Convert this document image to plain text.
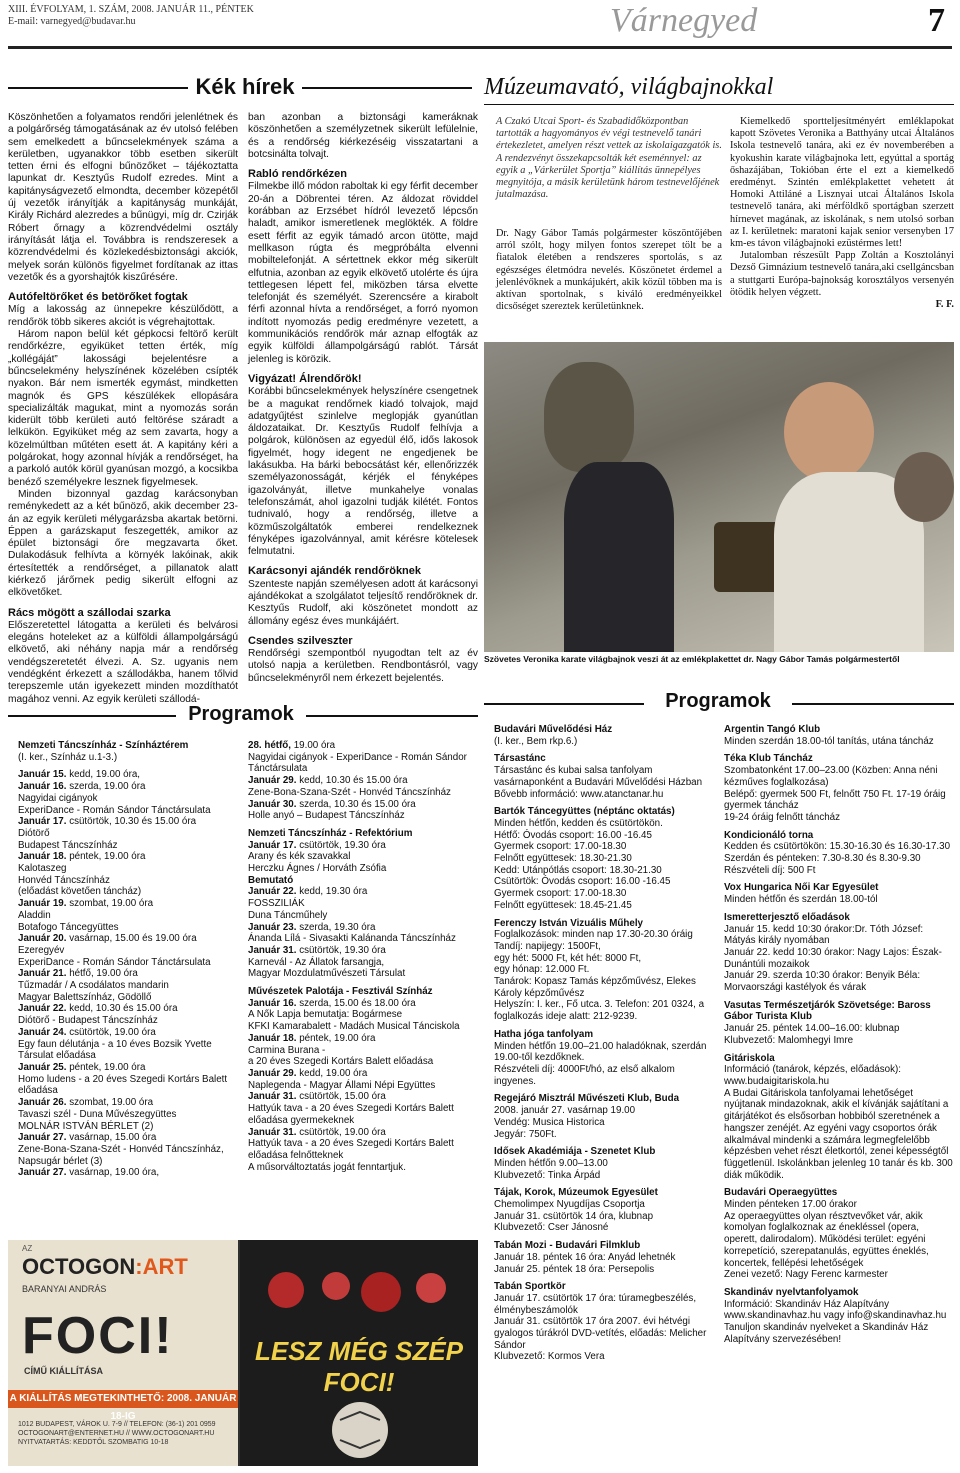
XIII. ÉVFOLYAM, 1. SZÁM, 2008. JANUÁR 11., PÉNTEK
E-mail: varnegyed@budavar.hu	Várnegyed	7
Kék hírek

Köszönhetően a folyamatos rendőri jelenlétnek és a polgárőrség támogatásának az év utolsó felében sem emelkedett a bűncselekmények száma a kerületben, ugyanakkor több esetben sikerült tetten érni és elfogni bűnözőket – tájékoztatta lapunkat dr. Kesztyűs Rudolf ezredes. Mint a kapitányságvezető elmondta, december közepétől új vezetők irányítják a kapitányság munkáját, Király Richárd alezredes a bűnügyi, míg dr. Czirják Róbert őrnagy a közrendvédelmi osztály irányítását látja el. Továbbra is rendszeresek a közrendvédelmi és közlekedésbiztonsági akciók, melyek során különös figyelmet fordítanak az ittas vezetők és a gyorshajtók kiszűrésére.

Autófeltörőket és betörőket fogtak

Míg a lakosság az ünnepekre készülődött, a rendőrök több sikeres akciót is végrehajtottak.

Három napon belül két gépkocsi feltörő került rendőrkézre, egyiküket tetten érték, míg „kollégáját” lakossági bejelentésre a bűncselekmény helyszínének közelében csípték nyakon. Bár nem ismerték egymást, mindketten magnók és GPS készülékek ellopására specializálták magukat, mint a nyomozás során kiderült több kerületi autó feltörése száradt a lelkükön. Egyiküket még az sem zavarta, hogy a közelmúltban műtéten esett át. A kapitány kéri a polgárokat, hogy azonnal hívják a rendőrséget, ha a parkoló autók körül gyanúsan mozgó, a kocsikba benéző személyekre lesznek figyelmesek.

Minden bizonnyal gazdag karácsonyban reménykedett az a két bűnöző, akik december 23-án az egyik kerületi mélygarázsba akartak betörni. Éppen a garázskaput feszegették, amikor az épület biztonsági őre megzavarta őket. Dulakodásuk felhívta a környék lakóinak, akik értesítették a rendőrséget, a pillanatok alatt kiérkező járőrnek pedig sikerült elfogni az elkövetőket.

Rács mögött a szállodai szarka

Előszeretettel látogatta a kerületi és belvárosi elegáns hoteleket az a külföldi állampolgárságú elkövető, aki néhány napja már a rendőrség vendégszeretetét élvezi. A. Sz. ugyanis nem vendégként érkezett a szállodákba, hanem tőlvid terepszemle után igyekezett minden mozdíthatót magához venni. Az egyik kerületi szállodá-

ban azonban a biztonsági kameráknak köszönhetően a személyzetnek sikerült lefülelnie, és a rendőrség kiérkezéséig visszatartani a botcsinálta tolvajt.

Rabló rendőrkézen

Filmekbe illő módon raboltak ki egy férfit december 20-án a Döbrentei téren. Az áldozat röviddel korábban az Erzsébet hídról levezető lépcsőn haladt, amikor ismeretlenek meglökték. A földre esett férfit az egyik támadó arcon ütötte, majd mellkason rúgta és megpróbálta elvenni mobiltelefonját. A sértettnek ekkor még sikerült elfutnia, azonban az egyik elkövető utolérte és újra tettlegesen lépett fel, miközben társa elvette telefonját és személyét. Szerencsére a kirabolt férfi azonnal hívta a rendőrséget, a forró nyomon indított nyomozás pedig eredményre vezetett, a kommunikációs rendőrök már aznap elfogták az egyik külföldi állampolgárságú rablót. Társát jelenleg is körözik.

Vigyázat! Álrendőrök!

Korábbi bűncselekmények helyszínére csengetnek be a magukat rendőrnek kiadó tolvajok, majd adatgyűjtést szinlelve meglopják gyanútlan áldozataikat. Dr. Kesztyűs Rudolf felhívja a polgárok, különösen az egyedül élő, idős lakosok figyelmét, hogy idegent ne engedjenek be lakásukba. Ha bárki bebocsátást kér, ellenőrizzék személyazonosságát, kérjék el fényképes igazolványát, illetve munkahelye vonalas telefonszámát, ahol igazolni tudják kilétét. Fontos tudnivaló, hogy a rendőrség, illetve a közműszolgáltatók emberei rendelkeznek fényképes igazolvánnyal, amit kérésre kötelesek felmutatni.

Karácsonyi ajándék rendőröknek

Szenteste napján személyesen adott át karácsonyi ajándékokat a szolgálatot teljesítő rendőröknek dr. Kesztyűs Rudolf, aki köszönetet mondott az állomány egész éves munkájáért.

Csendes szilveszter

Rendőrségi szempontból nyugodtan telt az év utolsó napja a kerületben. Rendbontásról, vagy bűncselekményről nem érkezett bejelentés.

Múzeumavató, világbajnokkal
A Czakó Utcai Sport- és Szabadidőközpontban tartották a hagyományos év végi testnevelő tanári értekezletet, amelyen részt vettek az iskolaigazgatók is. A rendezvényt összekapcsolták két eseménnyel: az egyik a „Várkerület Sportja” kiállítás ünnepélyes megnyitója, a másik kerületünk három testnevelőjének jutalmazása.
Dr. Nagy Gábor Tamás polgármester köszöntőjében arról szólt, hogy milyen fontos szerepet tölt be a fiatalok életében a rendszeres sportolás, s az egészséges életmódra nevelés. Köszönetet érdemel a jelenlévőknek a munkájukért, akik közül többen ma is aktívan sportolnak, s kiváló eredményeikkel dicsőséget szereztek kerületünknek.

Kiemelkedő sportteljesítményért emléklapokat kapott Szövetes Veronika a Batthyány utcai Általános Iskola testnevelő tanára, aki ez év novemberében a kyokushin karate világbajnoka lett, egyúttal a sportág őshazájában, Tokióban érte el ezt a kiemelkedő eredményt. Szintén emlékplakettet vehetett át Homoki Attiláné a Lisznyai utcai Általános Iskola testnevelő tanára, aki mérföldkő sportágban szerzett hírnevet magának, az iskolának, s nem utolsó sorban az I. kerületnek: maratoni kajak senior versenyben 17 km-es távon világbajnoki ezüstérmes lett!

Jutalomban részesült Papp Zoltán a Kosztolányi Dezső Gimnázium testnevelő tanára,aki csellgáncsban a stuttgarti Európa-bajnokság korosztályos versenyén ötödik helyen végzett.

F. F.

Szövetes Veronika karate világbajnok veszi át az emlékplakettet dr. Nagy Gábor Tamás polgármestertől
Programok
Nemzeti Táncszínház - Színháztérem
(I. ker., Színház u.1-3.)
Január 15. kedd, 19.00 óra,
Január 16. szerda, 19.00 óra
Nagyidai cigányok
ExperiDance - Román Sándor Tánctársulata
Január 17. csütörtök, 10.30 és 15.00 óra
Diótörő
Budapest Táncszínház
Január 18. péntek, 19.00 óra
Kalotaszeg
Honvéd Táncszínház
(előadást követően táncház)
Január 19. szombat, 19.00 óra
Aladdin
Botafogo Táncegyüttes
Január 20. vasárnap, 15.00 és 19.00 óra
Ezeregyév
ExperiDance - Román Sándor Tánctársulata
Január 21. hétfő, 19.00 óra
Tűzmadár / A csodálatos mandarin
Magyar Balettszínház, Gödöllő
Január 22. kedd, 10.30 és 15.00 óra
Diótörő - Budapest Táncszínház
Január 24. csütörtök, 19.00 óra
Egy faun délutánja - a 10 éves Bozsik Yvette Társulat előadása
Január 25. péntek, 19.00 óra
Homo ludens - a 20 éves Szegedi Kortárs Balett előadása
Január 26. szombat, 19.00 óra
Tavaszi szél - Duna Művészegyüttes
MOLNÁR ISTVÁN BÉRLET (2)
Január 27. vasárnap, 15.00 óra
Zene-Bona-Szana-Szét - Honvéd Táncszínház, Napsugár bérlet (3)
Január 27. vasárnap, 19.00 óra,
28. hétfő, 19.00 óra
Nagyidai cigányok - ExperiDance - Román Sándor Tánctársulata
Január 29. kedd, 10.30 és 15.00 óra
Zene-Bona-Szana-Szét - Honvéd Táncszínház
Január 30. szerda, 10.30 és 15.00 óra
Holle anyó – Budapest Táncszínház
Nemzeti Táncszínház - Refektórium
Január 17. csütörtök, 19.30 óra
Arany és kék szavakkal
Herczku Ágnes / Horváth Zsófia
Bemutató
Január 22. kedd, 19.30 óra
FOSSZILIÁK
Duna Táncműhely
Január 23. szerda, 19.30 óra
Ánanda Lílá - Sivasakti Kalánanda Táncszínház
Január 31. csütörtök, 19.30 óra
Karnevál - Az Állatok farsangja,
Magyar Mozdulatművészeti Társulat
Művészetek Palotája - Fesztivál Színház
Január 16. szerda, 15.00 és 18.00 óra
A Nők Lapja bemutatja: Bogármese
KFKI Kamarabalett - Madách Musical Tánciskola
Január 18. péntek, 19.00 óra
Carmina Burana -
a 20 éves Szegedi Kortárs Balett előadása
Január 29. kedd, 19.00 óra
Naplegenda - Magyar Állami Népi Együttes
Január 31. csütörtök, 15.00 óra
Hattyúk tava - a 20 éves Szegedi Kortárs Balett előadása gyermekeknek
Január 31. csütörtök, 19.00 óra
Hattyúk tava - a 20 éves Szegedi Kortárs Balett előadása felnőtteknek
A műsorváltoztatás jogát fenntartjuk.
Programok
Budavári Művelődési Ház
(I. ker., Bem rkp.6.)
Társastánc
Társastánc és kubai salsa tanfolyam vasárnaponként a Budavári Művelődési Házban
Bővebb információ: www.atanctanar.hu
Bartók Táncegyüttes (néptánc oktatás)
Minden hétfőn, kedden és csütörtökön.
Hétfő: Óvodás csoport: 16.00 -16.45
Gyermek csoport: 17.00-18.30
Felnőtt együttesek: 18.30-21.30
Kedd: Utánpótlás csoport: 18.30-21.30
Csütörtök: Óvodás csoport: 16.00 -16.45
Gyermek csoport: 17.00-18.30
Felnőtt együttesek: 18.45-21.45
Ferenczy István Vizuális Műhely
Foglalkozások: minden nap 17.30-20.30 óráig
Tandíj: napijegy: 1500Ft,
egy hét: 5000 Ft, két hét: 8000 Ft,
egy hónap: 12.000 Ft.
Tanárok: Kopasz Tamás képzőművész, Elekes Károly képzőművész
Helyszín: I. ker., Fő utca. 3. Telefon: 201 0324, a foglalkozás ideje alatt: 212-9239.
Hatha jóga tanfolyam
Minden hétfőn 19.00–21.00 haladóknak, szerdán 19.00-től kezdőknek.
Részvételi díj: 4000Ft/hó, az első alkalom ingyenes.
Regejáró Misztrál Művészeti Klub, Buda
2008. január 27. vasárnap 19.00
Vendég: Musica Historica
Jegyár: 750Ft.
Idősek Akadémiája - Szenetet Klub
Minden hétfőn 9.00–13.00
Klubvezető: Tinka Árpád
Tájak, Korok, Múzeumok Egyesület
Chemolimpex Nyugdíjas Csoportja
Január 31. csütörtök 14 óra, klubnap
Klubvezető: Cser Jánosné
Tabán Mozi - Budavári Filmklub
Január 18. péntek 16 óra: Anyád lehetnék
Január 25. péntek 18 óra: Persepolis
Tabán Sportkör
Január 17. csütörtök 17 óra: túramegbeszélés, élménybeszámolók
Január 31. csütörtök 17 óra 2007. évi hétvégi gyalogos túrákról DVD-vetítés, előadás: Melicher Sándor
Klubvezető: Kormos Vera
Argentin Tangó Klub
Minden szerdán 18.00-tól tanítás, utána táncház
Téka Klub Táncház
Szombatonként 17.00–23.00 (Közben: Anna néni kézműves foglalkozása)
Belépő: gyermek 500 Ft, felnőtt 750 Ft. 17-19 óráig gyermek táncház
19-24 óráig felnőtt táncház
Kondicionáló torna
Kedden és csütörtökön: 15.30-16.30 és 16.30-17.30
Szerdán és pénteken: 7.30-8.30 és 8.30-9.30
Részvételi díj: 500 Ft
Vox Hungarica Női Kar Egyesület
Minden hétfőn és szerdán 18.00-tól
Ismeretterjesztő előadások
Január 15. kedd 10:30 órakor:Dr. Tóth József: Mátyás király nyomában
Január 22. kedd 10:30 órakor: Nagy Lajos: Észak-Dunántúli mozaikok
Január 29. szerda 10:30 órakor: Benyik Béla: Morvaországi kastélyok és várak
Vasutas Természetjárók Szövetsége: Baross Gábor Turista Klub
Január 25. péntek 14.00–16.00: klubnap
Klubvezető: Malomhegyi Imre
Gitáriskola
Információ (tanárok, képzés, előadások): www.budaigitariskola.hu
A Budai Gitáriskola tanfolyamai lehetőséget nyújtanak mindazoknak, akik el kívánják sajátítani a gitárjátékot és elsősorban hobbiból szeretnének a hangszer zenéjét. Az egyéni vagy csoportos órák alkalmával mindenki a számára legmegfelelőbb képzésben vehet részt életkortól, zenei képességtől függetlenül. Iskolánkban jelenleg 10 tanár és kb. 300 diák működik.
Budavári Operaegyüttes
Minden pénteken 17.00 órakor
Az operaegyüttes olyan résztvevőket vár, akik komolyan foglalkoznak az énekléssel (opera, operett, dalirodalom). Működési terület: egyéni korrepetíció, szerepatanulás, együttes éneklés, koncertek, fellépési lehetőségek
Zenei vezető: Nagy Ferenc karmester
Skandináv nyelvtanfolyamok
Információ: Skandináv Ház Alapítvány www.skandinavhaz.hu vagy info@skandinavhaz.hu
Tanuljon skandináv nyelveket a Skandináv Ház Alapítvány szervezésében!
AZ
OCTOGON:ART
BARANYAI ANDRÁS
FOCI!
CÍMŰ KIÁLLÍTÁSA
A KIÁLLÍTÁS MEGTEKINTHETŐ: 2008. JANUÁR 18-IG
1012 BUDAPEST, VÁROK U. 7-9 // TELEFON: (36-1) 201 0959 OCTOGONART@ENTERNET.HU // WWW.OCTOGONART.HU NYITVATARTÁS: KEDDTŐL SZOMBATIG 10-18
LESZ MÉG SZÉP FOCI!
